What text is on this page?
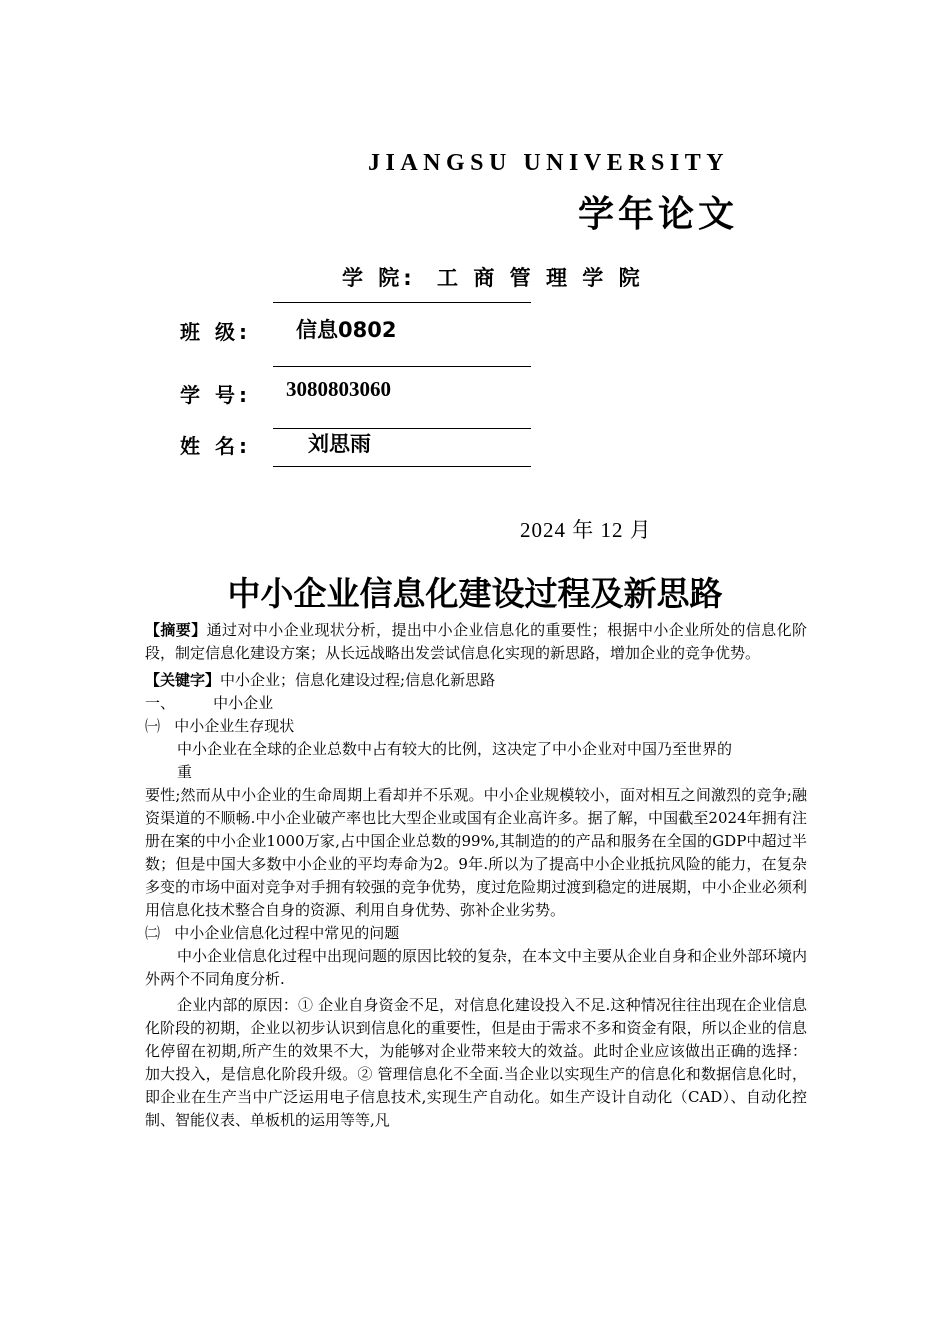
JIANGSU UNIVERSITY
学年论文
学 院: 工 商 管 理 学 院
班 级: 信息0802
学 号: 3080803060
姓 名:	刘思雨
2024 年 12 月
中小企业信息化建设过程及新思路

【摘要】通过对中小企业现状分析，提出中小企业信息化的重要性；根据中小企业所处的信息化阶段，制定信息化建设方案；从长远战略出发尝试信息化实现的新思路，增加企业的竞争优势。

【关键字】中小企业；信息化建设过程;信息化新思路

一、        中小企业

㈠   中小企业生存现状

中小企业在全球的企业总数中占有较大的比例，这决定了中小企业对中国乃至世界的

重

要性;然而从中小企业的生命周期上看却并不乐观。中小企业规模较小，面对相互之间激烈的竞争;融资渠道的不顺畅.中小企业破产率也比大型企业或国有企业高许多。据了解，中国截至2024年拥有注册在案的中小企业1000万家,占中国企业总数的99%,其制造的的产品和服务在全国的GDP中超过半数；但是中国大多数中小企业的平均寿命为2。9年.所以为了提高中小企业抵抗风险的能力，在复杂多变的市场中面对竞争对手拥有较强的竞争优势，度过危险期过渡到稳定的进展期，中小企业必须利用信息化技术整合自身的资源、利用自身优势、弥补企业劣势。

㈡   中小企业信息化过程中常见的问题

中小企业信息化过程中出现问题的原因比较的复杂，在本文中主要从企业自身和企业外部环境内外两个不同角度分析.

企业内部的原因：① 企业自身资金不足，对信息化建设投入不足.这种情况往往出现在企业信息化阶段的初期，企业以初步认识到信息化的重要性，但是由于需求不多和资金有限，所以企业的信息化停留在初期,所产生的效果不大，为能够对企业带来较大的效益。此时企业应该做出正确的选择：加大投入，是信息化阶段升级。② 管理信息化不全面.当企业以实现生产的信息化和数据信息化时，即企业在生产当中广泛运用电子信息技术,实现生产自动化。如生产设计自动化（CAD）、自动化控制、智能仪表、单板机的运用等等,凡
